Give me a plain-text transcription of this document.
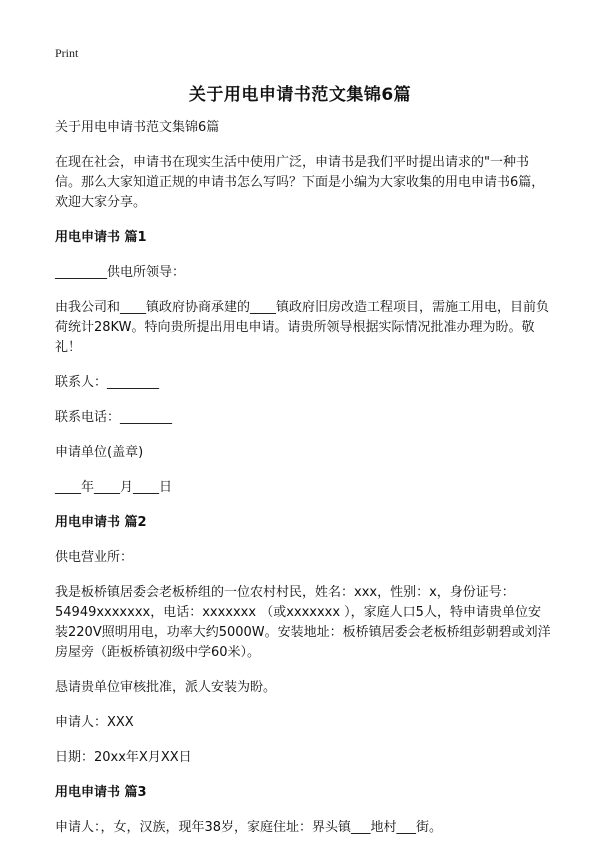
Print
关于用电申请书范文集锦6篇

关于用电申请书范文集锦6篇

在现在社会，申请书在现实生活中使用广泛，申请书是我们平时提出请求的"一种书信。那么大家知道正规的申请书怎么写吗？下面是小编为大家收集的用电申请书6篇，欢迎大家分享。

用电申请书 篇1

________供电所领导：

由我公司和____镇政府协商承建的____镇政府旧房改造工程项目，需施工用电，目前负荷统计28KW。特向贵所提出用电申请。请贵所领导根据实际情况批准办理为盼。敬礼！

联系人：________

联系电话：________

申请单位(盖章)

____年____月____日

用电申请书 篇2

供电营业所：

我是板桥镇居委会老板桥组的一位农村村民，姓名：xxx，性别：x，身份证号：54949xxxxxxx，电话：xxxxxxx （或xxxxxxx ），家庭人口5人，特申请贵单位安装220V照明用电，功率大约5000W。安装地址：板桥镇居委会老板桥组彭朝碧或刘洋房屋旁（距板桥镇初级中学60米）。

恳请贵单位审核批准，派人安装为盼。

申请人：XXX

日期：20xx年X月XX日

用电申请书 篇3

申请人：，女，汉族，现年38岁，家庭住址：界头镇___地村___街。
